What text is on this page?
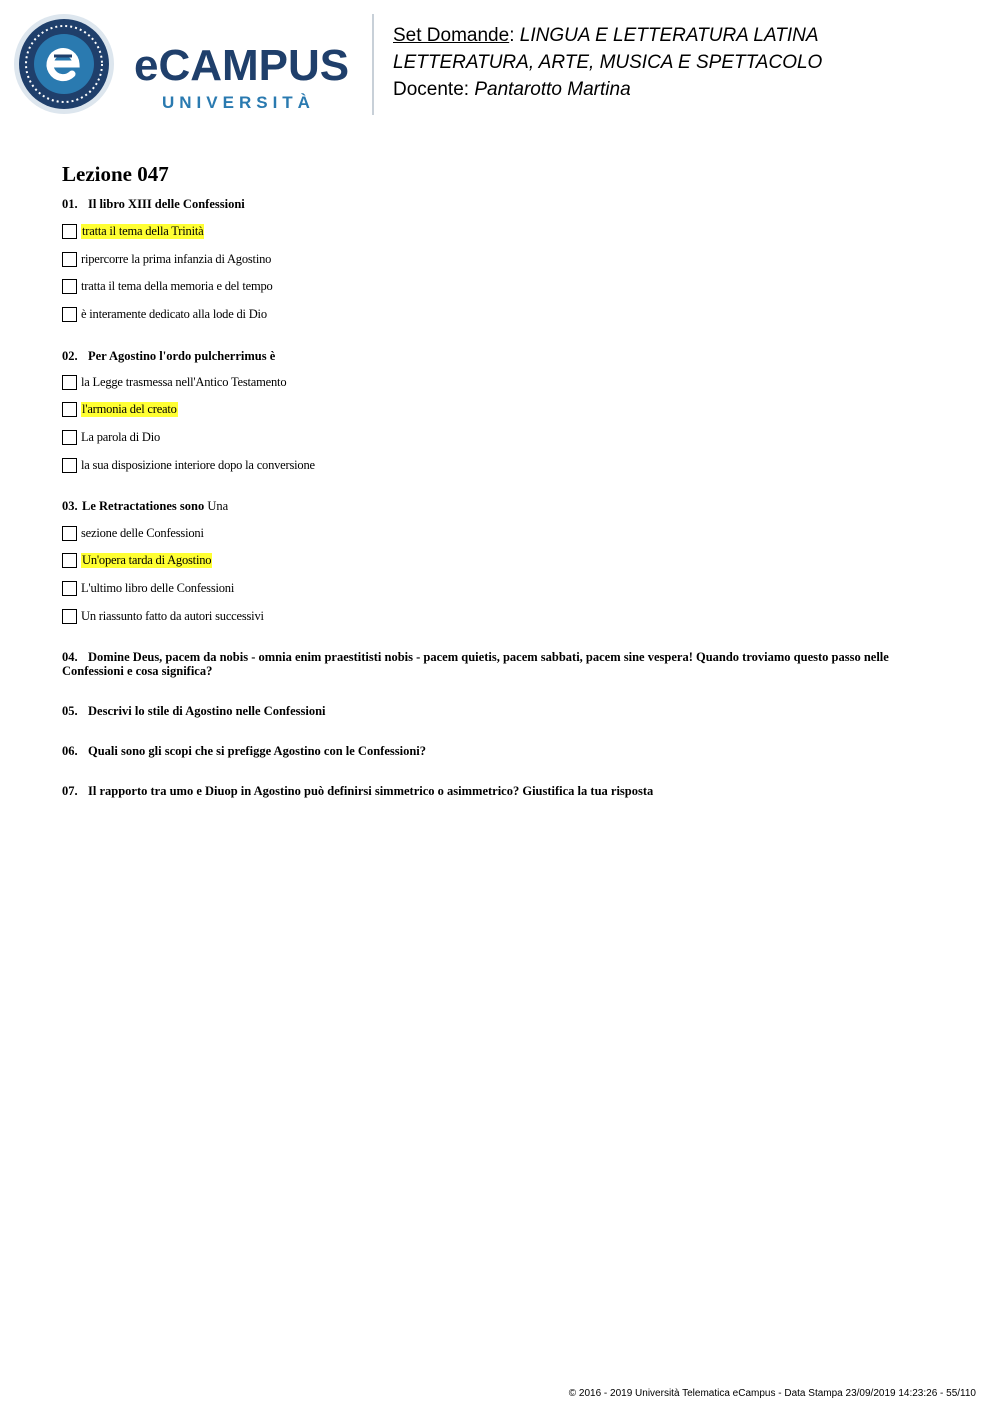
eCAMPUS
UNIVERSITÀ
Set Domande: LINGUA E LETTERATURA LATINA
LETTERATURA, ARTE, MUSICA E SPETTACOLO
Docente: Pantarotto Martina
Lezione 047
01. Il libro XIII delle Confessioni
tratta il tema della Trinità
ripercorre la prima infanzia di Agostino
tratta il tema della memoria e del tempo
è interamente dedicato alla lode di Dio
02. Per Agostino l'ordo pulcherrimus è
la Legge trasmessa nell'Antico Testamento
l'armonia del creato
La parola di Dio
la sua disposizione interiore dopo la conversione
03. Le Retractationes sono Una
sezione delle Confessioni
Un'opera tarda di Agostino
L'ultimo libro delle Confessioni
Un riassunto fatto da autori successivi
04. Domine Deus, pacem da nobis - omnia enim praestitisti nobis - pacem quietis, pacem sabbati, pacem sine vespera! Quando troviamo questo passo nelle Confessioni e cosa significa?
05. Descrivi lo stile di Agostino nelle Confessioni
06. Quali sono gli scopi che si prefigge Agostino con le Confessioni?
07. Il rapporto tra umo e Diuop in Agostino può definirsi simmetrico o asimmetrico? Giustifica la tua risposta
© 2016 - 2019 Università Telematica eCampus - Data Stampa 23/09/2019 14:23:26 - 55/110
